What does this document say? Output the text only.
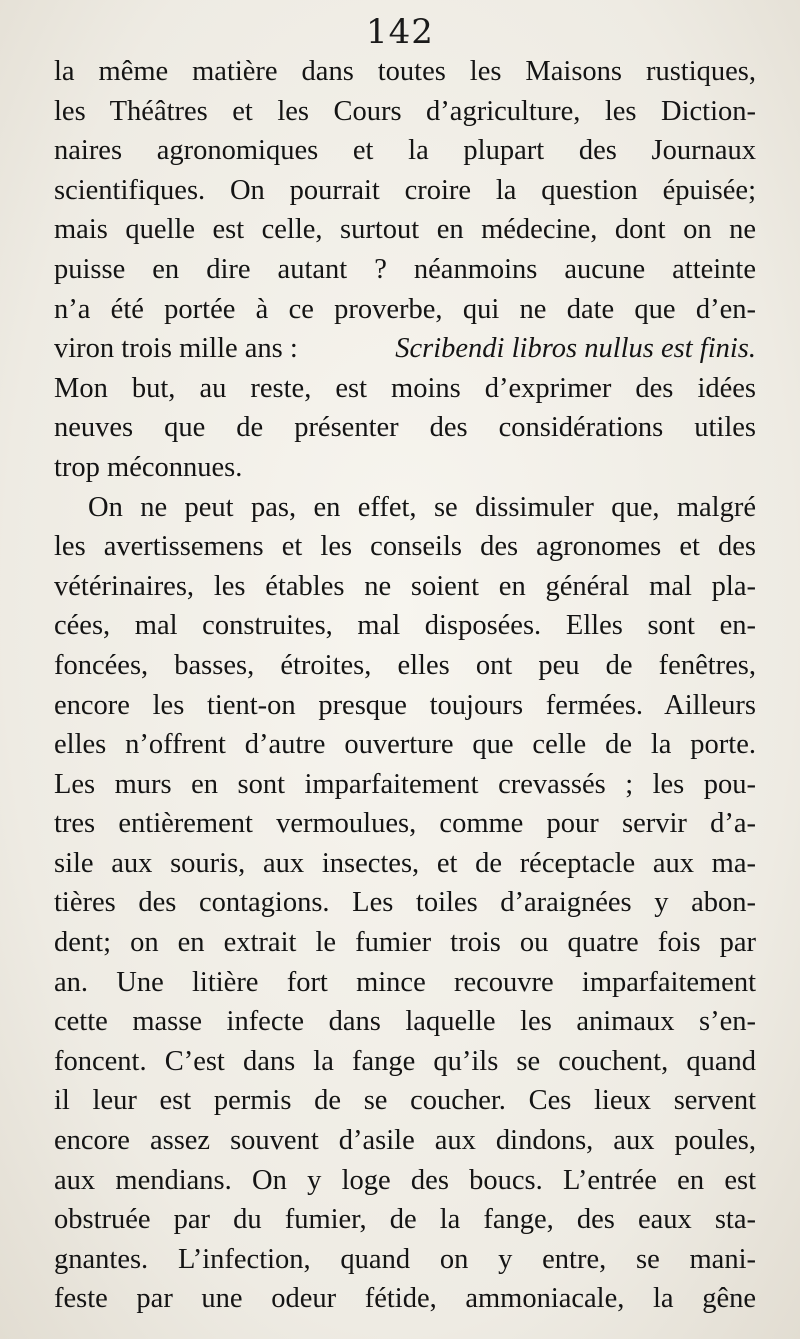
142
la même matière dans toutes les Maisons rustiques,
les Théâtres et les Cours d’agriculture, les Diction-
naires agronomiques et la plupart des Journaux
scientifiques. On pourrait croire la question épuisée;
mais quelle est celle, surtout en médecine, dont on ne
puisse en dire autant ? néanmoins aucune atteinte
n’a été portée à ce proverbe, qui ne date que d’en-
viron trois mille ans :	Scribendi libros nullus est finis.
Mon but, au reste, est moins d’exprimer des idées
neuves que de présenter des considérations utiles
trop méconnues.
On ne peut pas, en effet, se dissimuler que, malgré
les avertissemens et les conseils des agronomes et des
vétérinaires, les étables ne soient en général mal pla-
cées, mal construites, mal disposées. Elles sont en-
foncées, basses, étroites, elles ont peu de fenêtres,
encore les tient-on presque toujours fermées. Ailleurs
elles n’offrent d’autre ouverture que celle de la porte.
Les murs en sont imparfaitement crevassés ; les pou-
tres entièrement vermoulues, comme pour servir d’a-
sile aux souris, aux insectes, et de réceptacle aux ma-
tières des contagions. Les toiles d’araignées y abon-
dent; on en extrait le fumier trois ou quatre fois par
an. Une litière fort mince recouvre imparfaitement
cette masse infecte dans laquelle les animaux s’en-
foncent. C’est dans la fange qu’ils se couchent, quand
il leur est permis de se coucher. Ces lieux servent
encore assez souvent d’asile aux dindons, aux poules,
aux mendians. On y loge des boucs. L’entrée en est
obstruée par du fumier, de la fange, des eaux sta-
gnantes. L’infection, quand on y entre, se mani-
feste par une odeur fétide, ammoniacale, la gêne
